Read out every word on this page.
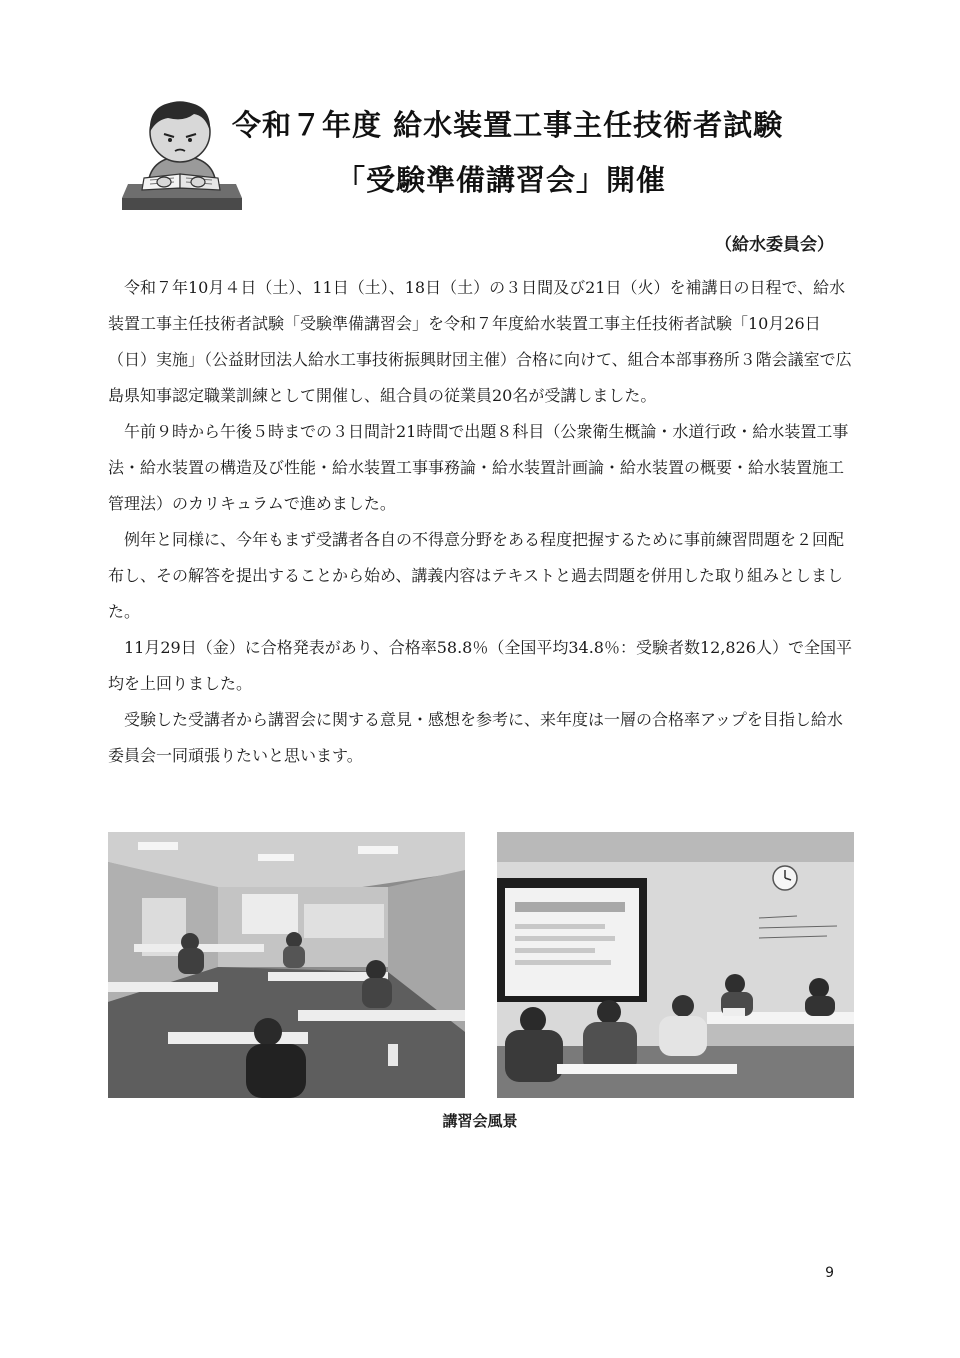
令和７年度 給水装置工事主任技術者試験
「受験準備講習会」開催
（給水委員会）

令和７年10月４日（土）、11日（土）、18日（土）の３日間及び21日（火）を補講日の日程で、給水装置工事主任技術者試験「受験準備講習会」を令和７年度給水装置工事主任技術者試験「10月26日（日）実施」（公益財団法人給水工事技術振興財団主催）合格に向けて、組合本部事務所３階会議室で広島県知事認定職業訓練として開催し、組合員の従業員20名が受講しました。

午前９時から午後５時までの３日間計21時間で出題８科目（公衆衛生概論・水道行政・給水装置工事法・給水装置の構造及び性能・給水装置工事事務論・給水装置計画論・給水装置の概要・給水装置施工管理法）のカリキュラムで進めました。

例年と同様に、今年もまず受講者各自の不得意分野をある程度把握するために事前練習問題を２回配布し、その解答を提出することから始め、講義内容はテキストと過去問題を併用した取り組みとしました。

11月29日（金）に合格発表があり、合格率58.8％（全国平均34.8％：受験者数12,826人）で全国平均を上回りました。

受験した受講者から講習会に関する意見・感想を参考に、来年度は一層の合格率アップを目指し給水委員会一同頑張りたいと思います。

講習会風景
9
